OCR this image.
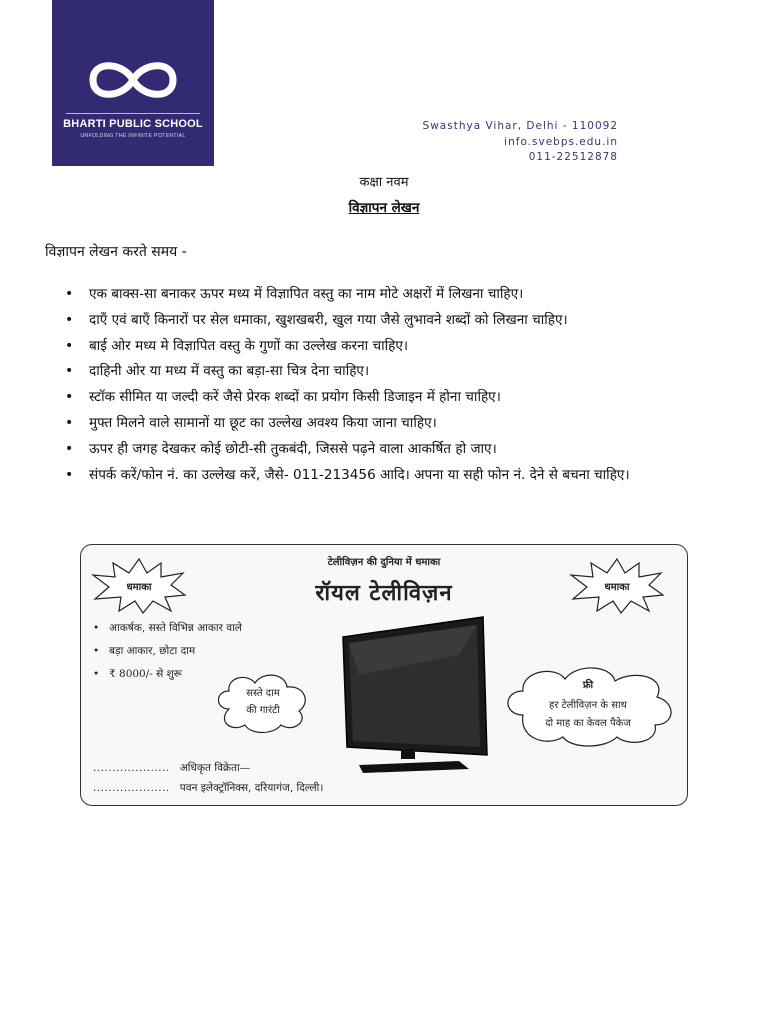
BHARTI PUBLIC SCHOOL
UNFOLDING THE INFINITE POTENTIAL
Swasthya Vihar, Delhi - 110092
info.svebps.edu.in
011-22512878
कक्षा नवम
विज्ञापन लेखन
विज्ञापन लेखन करते समय -
• एक बाक्स-सा बनाकर ऊपर मध्य में विज्ञापित वस्तु का नाम मोटे अक्षरों में लिखना चाहिए।
• दाएँ एवं बाएँ किनारों पर सेल धमाका, खुशखबरी, खुल गया जैसे लुभावने शब्दों को लिखना चाहिए।
• बाई ओर मध्य मे विज्ञापित वस्तु के गुणों का उल्लेख करना चाहिए।
• दाहिनी ओर या मध्य में वस्तु का बड़ा-सा चित्र देना चाहिए।
• स्टॉक सीमित या जल्दी करें जैसे प्रेरक शब्दों का प्रयोग किसी डिजाइन में होना चाहिए।
• मुफ्त मिलने वाले सामानों या छूट का उल्लेख अवश्य किया जाना चाहिए।
• ऊपर ही जगह देखकर कोई छोटी-सी तुकबंदी, जिससे पढ़ने वाला आकर्षित हो जाए।
• संपर्क करें/फोन नं. का उल्लेख करें, जैसे- 011-213456 आदि। अपना या सही फोन नं. देने से बचना चाहिए।
टेलीविज़न की दुनिया में धमाका
रॉयल टेलीविज़न
धमाका	धमाका
• आकर्षक, सस्ते विभिन्न आकार वाले
• बड़ा आकार, छोटा दाम
• ₹ 8000/- से शुरू
सस्ते दाम
की गारंटी
फ्री
हर टेलीविज़न के साथ
दो माह का केवल पैकेज
.................... अधिकृत विक्रेता—
.................... पवन इलेक्ट्रॉनिक्स, दरियागंज, दिल्ली।
